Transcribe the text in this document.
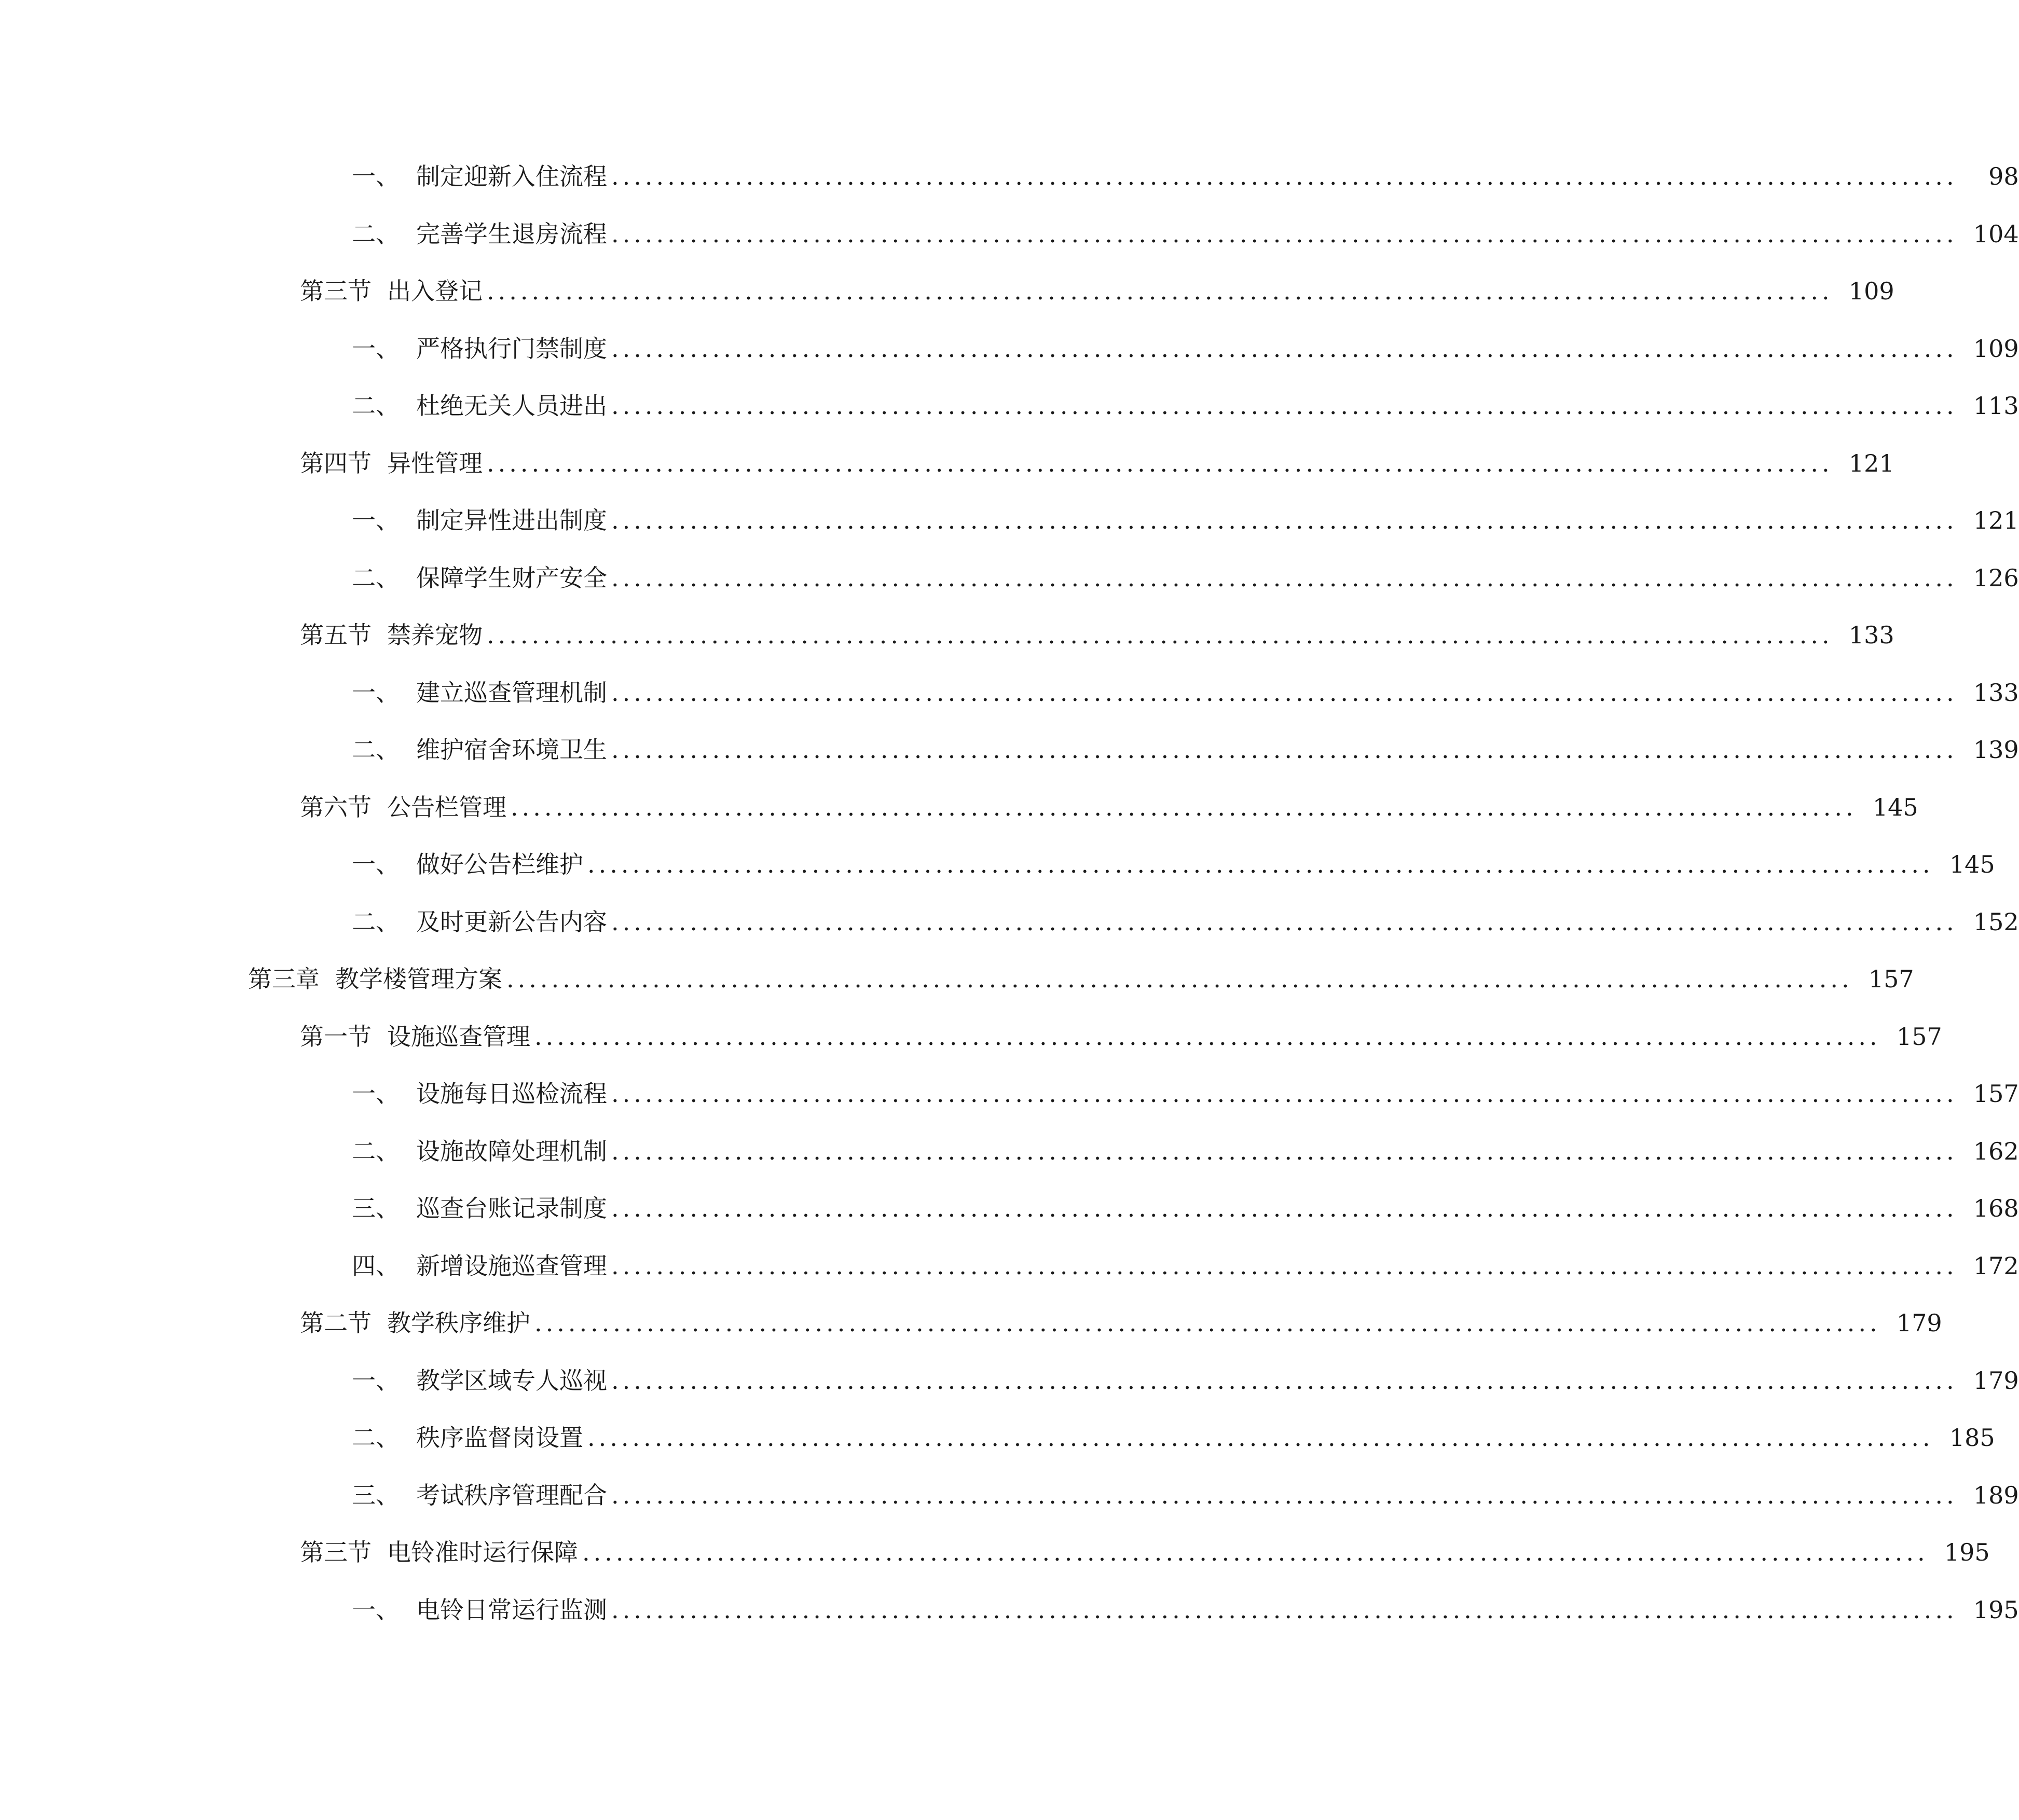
一、 制定迎新入住流程 ........................................................................................................................	98
二、 完善学生退房流程 ........................................................................................................................ 104
第三节 出入登记 ........................................................................................................................ 109
一、 严格执行门禁制度 ........................................................................................................................ 109
二、 杜绝无关人员进出 ........................................................................................................................ 113
第四节 异性管理 ........................................................................................................................ 121
一、 制定异性进出制度 ........................................................................................................................ 121
二、 保障学生财产安全 ........................................................................................................................ 126
第五节 禁养宠物 ........................................................................................................................ 133
一、 建立巡查管理机制 ........................................................................................................................ 133
二、 维护宿舍环境卫生 ........................................................................................................................ 139
第六节 公告栏管理 ........................................................................................................................ 145
一、 做好公告栏维护 ........................................................................................................................ 145
二、 及时更新公告内容 ........................................................................................................................ 152
第三章 教学楼管理方案 ........................................................................................................................ 157
第一节 设施巡查管理 ........................................................................................................................ 157
一、 设施每日巡检流程 ........................................................................................................................ 157
二、 设施故障处理机制 ........................................................................................................................ 162
三、 巡查台账记录制度 ........................................................................................................................ 168
四、 新增设施巡查管理 ........................................................................................................................ 172
第二节 教学秩序维护 ........................................................................................................................ 179
一、 教学区域专人巡视 ........................................................................................................................ 179
二、 秩序监督岗设置 ........................................................................................................................ 185
三、 考试秩序管理配合 ........................................................................................................................ 189
第三节 电铃准时运行保障 ........................................................................................................................ 195
一、 电铃日常运行监测 ........................................................................................................................ 195
